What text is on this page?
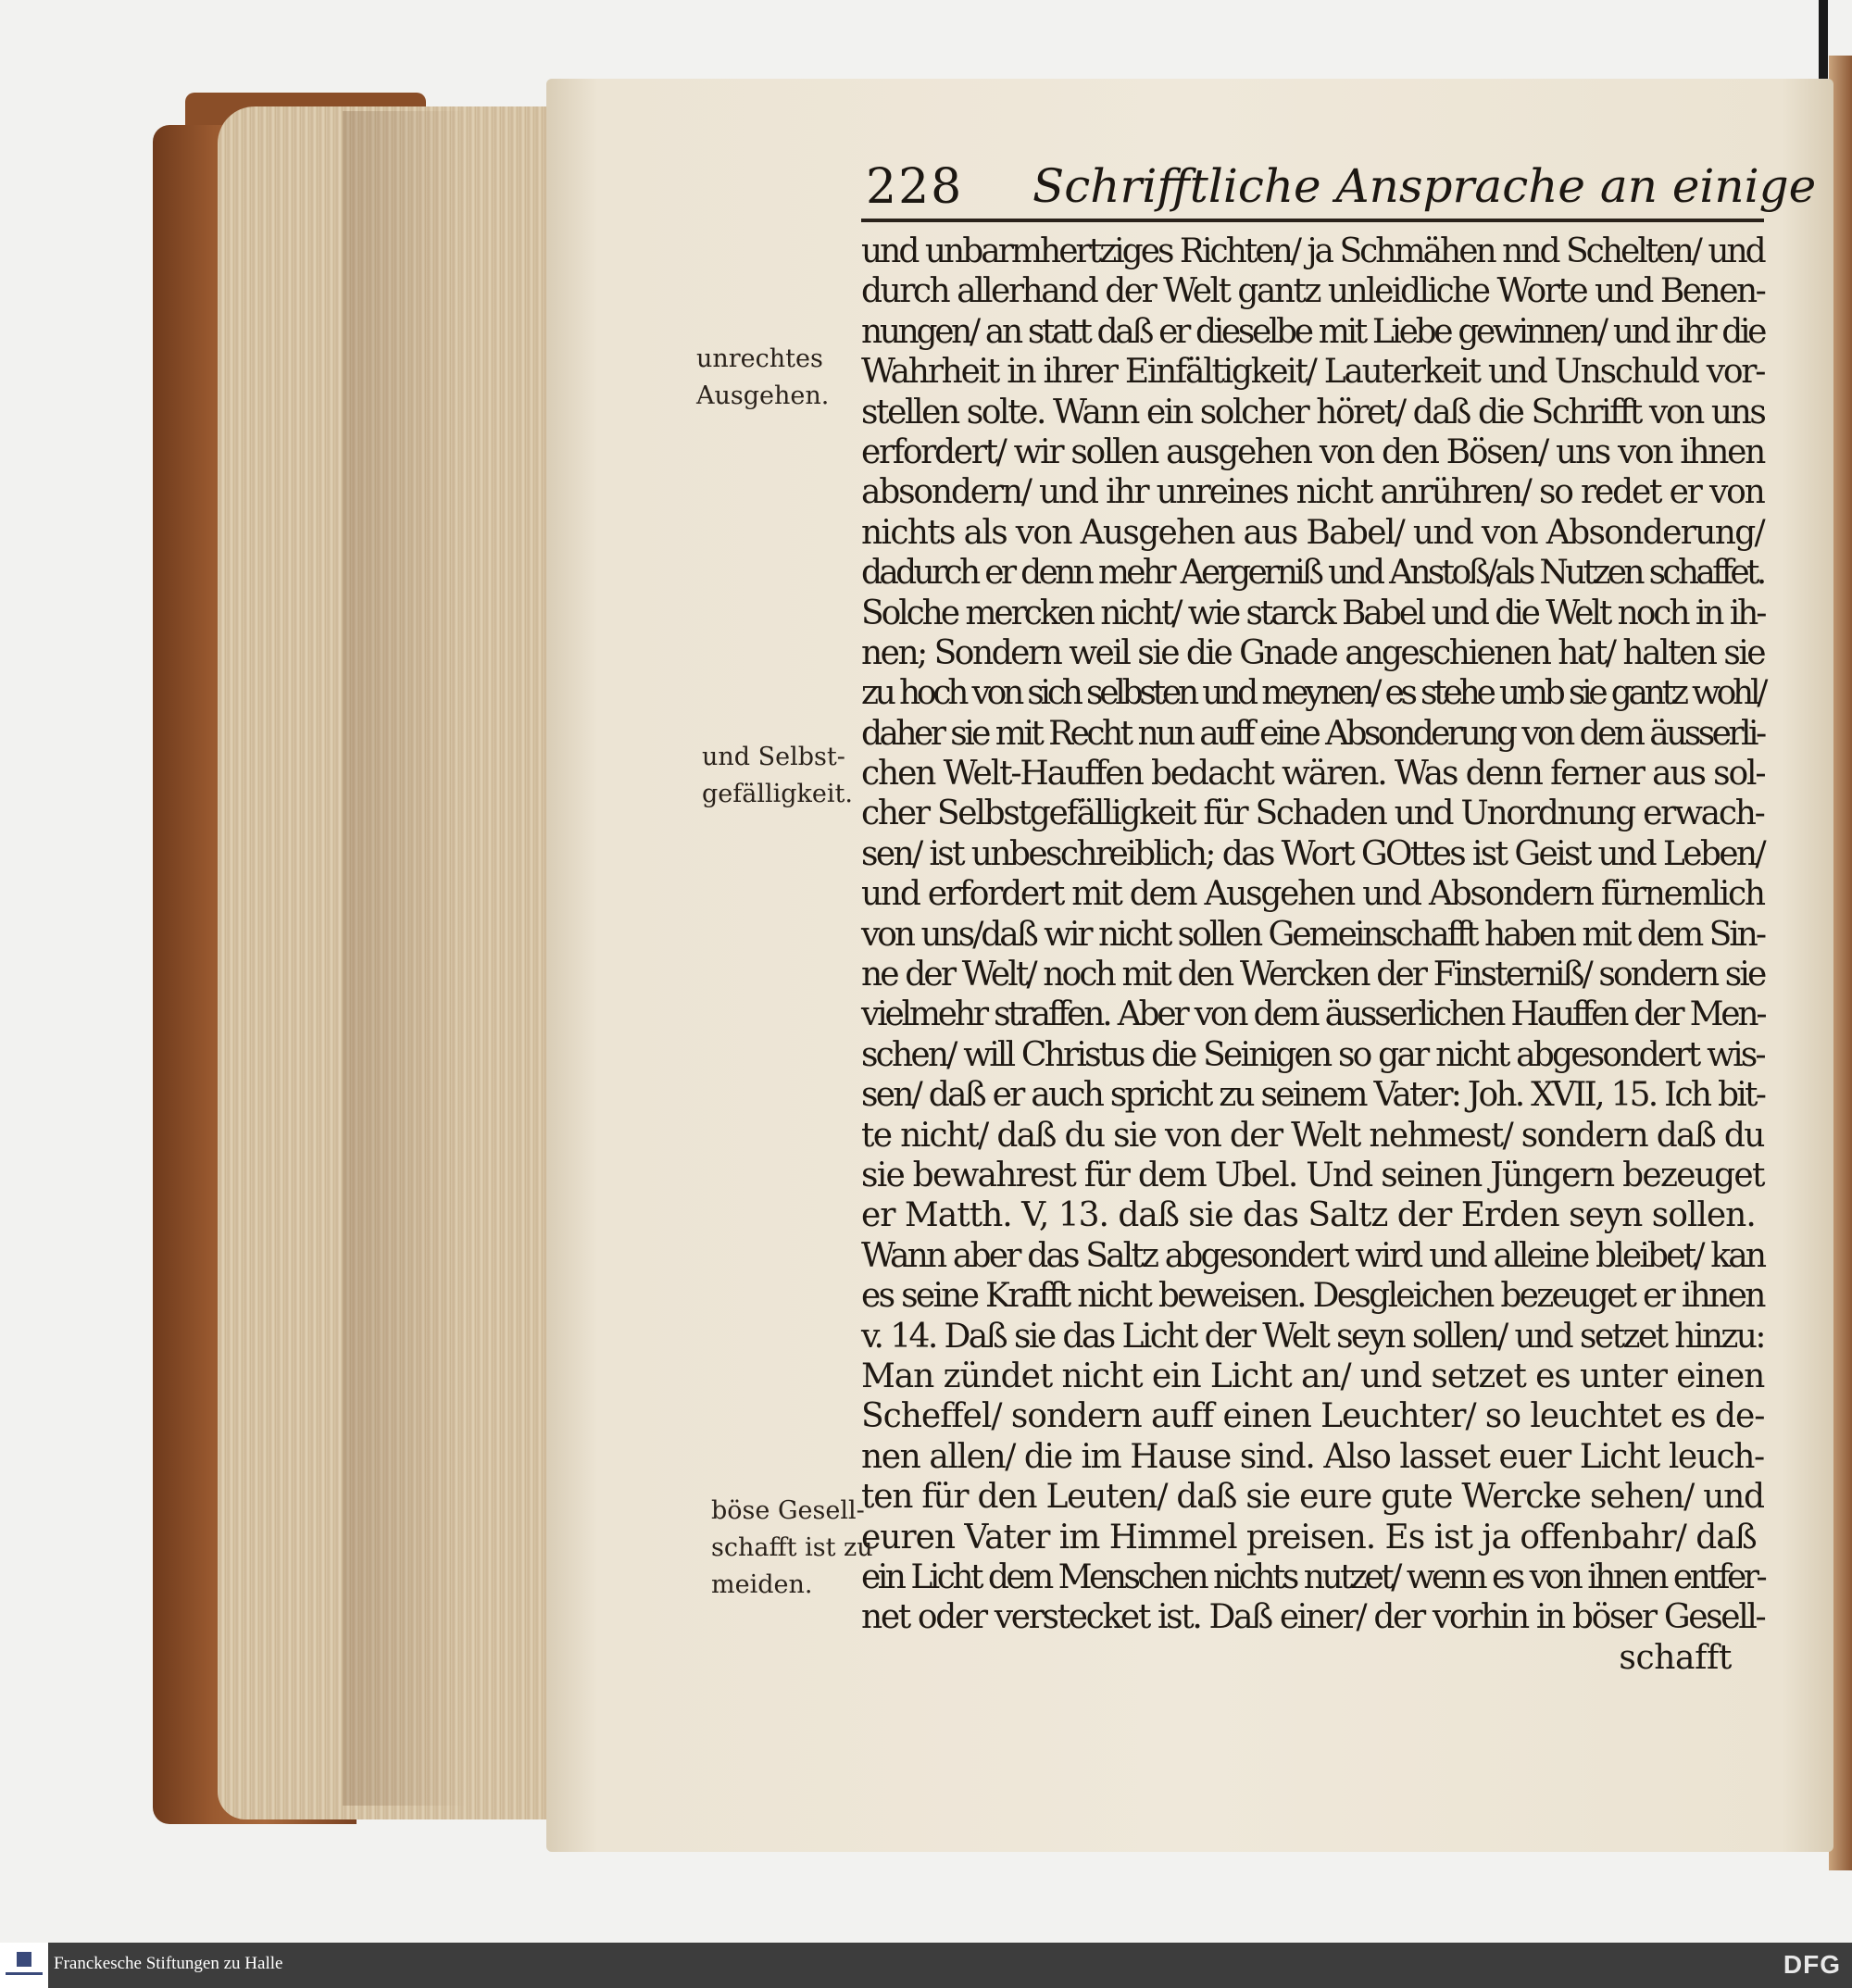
228 Schrifftliche Ansprache an einige
und unbarmhertziges Richten/ ja Schmähen nnd Schelten/ und
durch allerhand der Welt gantz unleidliche Worte und Benen-
nungen/ an statt daß er dieselbe mit Liebe gewinnen/ und ihr die
Wahrheit in ihrer Einfältigkeit/ Lauterkeit und Unschuld vor-
stellen solte. Wann ein solcher höret/ daß die Schrifft von uns
erfordert/ wir sollen ausgehen von den Bösen/ uns von ihnen
absondern/ und ihr unreines nicht anrühren/ so redet er von
nichts als von Ausgehen aus Babel/ und von Absonderung/
dadurch er denn mehr Aergerniß und Anstoß/als Nutzen schaffet.
Solche mercken nicht/ wie starck Babel und die Welt noch in ih-
nen; Sondern weil sie die Gnade angeschienen hat/ halten sie
zu hoch von sich selbsten und meynen/ es stehe umb sie gantz wohl/
daher sie mit Recht nun auff eine Absonderung von dem äusserli-
chen Welt-Hauffen bedacht wären. Was denn ferner aus sol-
cher Selbstgefälligkeit für Schaden und Unordnung erwach-
sen/ ist unbeschreiblich; das Wort GOttes ist Geist und Leben/
und erfordert mit dem Ausgehen und Absondern fürnemlich
von uns/daß wir nicht sollen Gemeinschafft haben mit dem Sin-
ne der Welt/ noch mit den Wercken der Finsterniß/ sondern sie
vielmehr straffen. Aber von dem äusserlichen Hauffen der Men-
schen/ will Christus die Seinigen so gar nicht abgesondert wis-
sen/ daß er auch spricht zu seinem Vater: Joh. XVII, 15. Ich bit-
te nicht/ daß du sie von der Welt nehmest/ sondern daß du
sie bewahrest für dem Ubel. Und seinen Jüngern bezeuget
er Matth. V, 13. daß sie das Saltz der Erden seyn sollen.
Wann aber das Saltz abgesondert wird und alleine bleibet/ kan
es seine Krafft nicht beweisen. Desgleichen bezeuget er ihnen
v. 14. Daß sie das Licht der Welt seyn sollen/ und setzet hinzu:
Man zündet nicht ein Licht an/ und setzet es unter einen
Scheffel/ sondern auff einen Leuchter/ so leuchtet es de-
nen allen/ die im Hause sind. Also lasset euer Licht leuch-
ten für den Leuten/ daß sie eure gute Wercke sehen/ und
euren Vater im Himmel preisen. Es ist ja offenbahr/ daß
ein Licht dem Menschen nichts nutzet/ wenn es von ihnen entfer-
net oder verstecket ist. Daß einer/ der vorhin in böser Gesell-
schafft
unrechtes
Ausgehen.
und Selbst-
gefälligkeit.
böse Gesell-
schafft ist zu
meiden.
Franckesche Stiftungen zu Halle	DFG
